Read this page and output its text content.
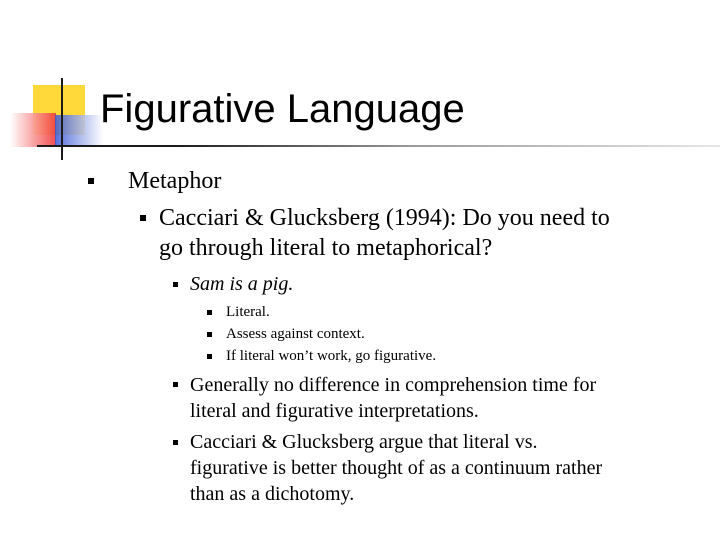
Figurative Language
Metaphor
Cacciari & Glucksberg (1994): Do you need to
go through literal to metaphorical?
Sam is a pig.
Literal.
Assess against context.
If literal won’t work, go figurative.
Generally no difference in comprehension time for
literal and figurative interpretations.
Cacciari & Glucksberg argue that literal vs.
figurative is better thought of as a continuum rather
than as a dichotomy.
